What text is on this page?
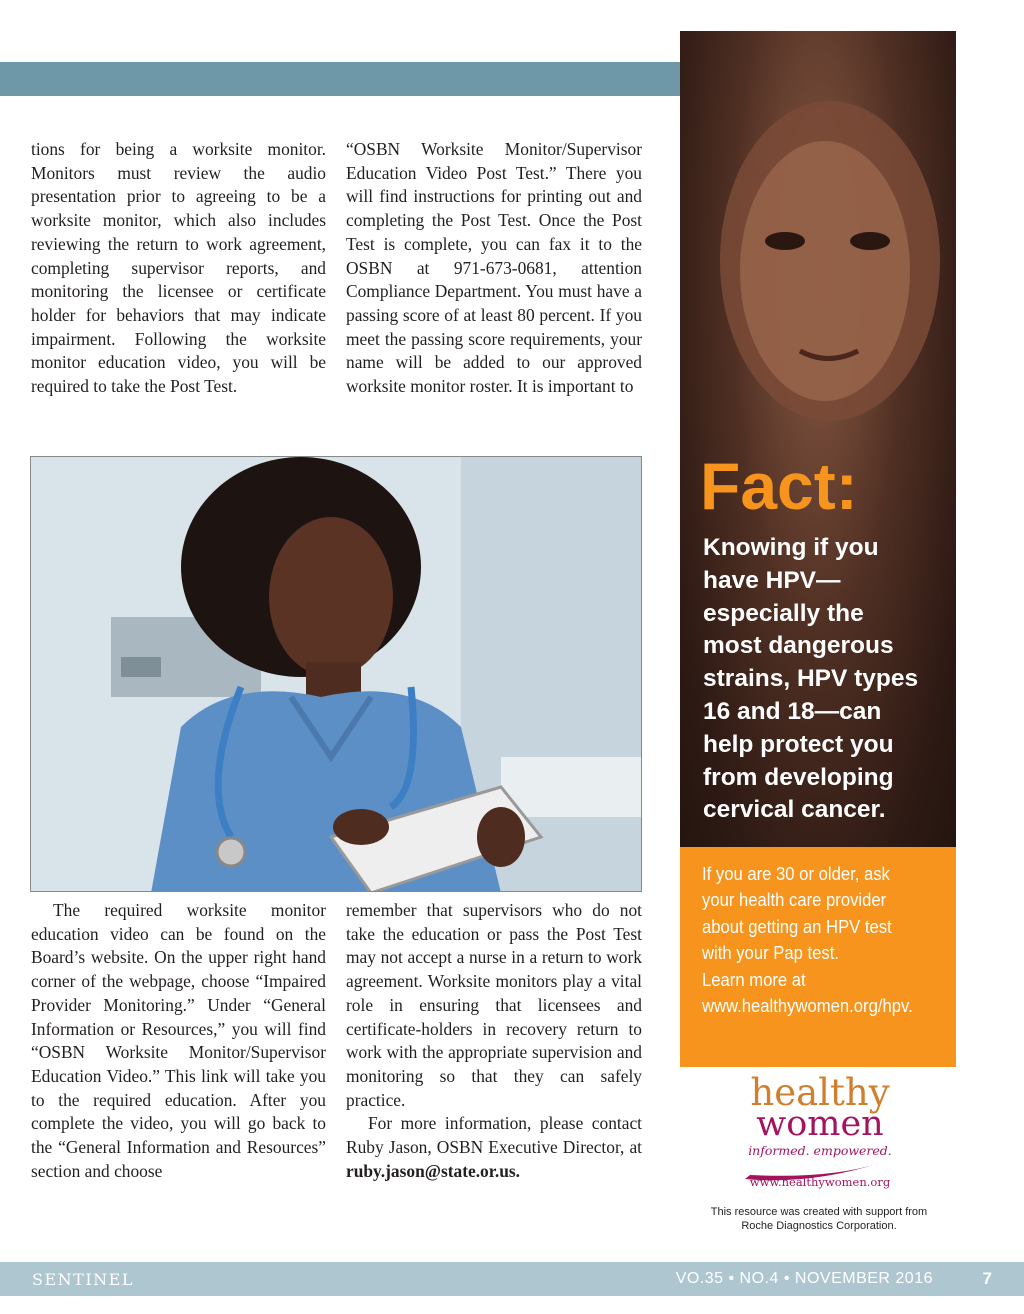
tions for being a worksite monitor. Monitors must review the audio presentation prior to agreeing to be a worksite monitor, which also includes reviewing the return to work agreement, completing supervisor reports, and monitoring the licensee or certificate holder for behaviors that may indicate impairment. Following the worksite monitor education video, you will be required to take the Post Test.

“OSBN Worksite Monitor/Supervisor Education Video Post Test.” There you will find instructions for printing out and completing the Post Test. Once the Post Test is complete, you can fax it to the OSBN at 971-673-0681, attention Compliance Department. You must have a passing score of at least 80 percent. If you meet the passing score requirements, your name will be added to our approved worksite monitor roster. It is important to

The required worksite monitor education video can be found on the Board’s website. On the upper right hand corner of the webpage, choose “Impaired Provider Monitoring.” Under “General Information or Resources,” you will find “OSBN Worksite Monitor/Supervisor Education Video.” This link will take you to the required education. After you complete the video, you will go back to the “General Information and Resources” section and choose

remember that supervisors who do not take the education or pass the Post Test may not accept a nurse in a return to work agreement. Worksite monitors play a vital role in ensuring that licensees and certificate-holders in recovery return to work with the appropriate supervision and monitoring so that they can safely practice.

For more information, please contact Ruby Jason, OSBN Executive Director, at ruby.jason@state.or.us.

Fact:
Knowing if you
have HPV—
especially the
most dangerous
strains, HPV types
16 and 18—can
help protect you
from developing
cervical cancer.
If you are 30 or older, ask
your health care provider
about getting an HPV test
with your Pap test.
Learn more at
www.healthywomen.org/hpv.
healthy
women
informed. empowered.
www.healthywomen.org
This resource was created with support from
Roche Diagnostics Corporation.
SENTINEL	VO.35 • NO.4 • NOVEMBER 2016	7
